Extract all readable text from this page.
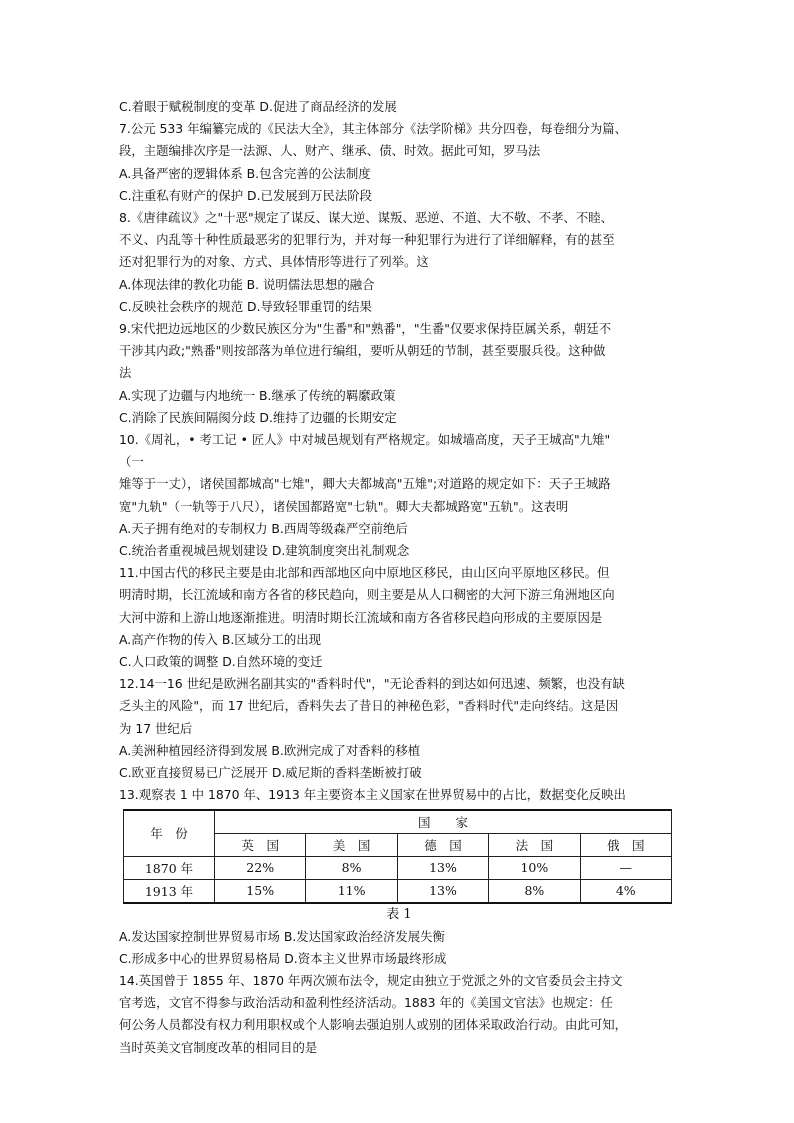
C.着眼于赋税制度的变革 D.促进了商品经济的发展
7.公元 533 年编纂完成的《民法大全》，其主体部分《法学阶梯》共分四卷，每卷细分为篇、
段，主题编排次序是一法源、人、财产、继承、债、时效。据此可知，罗马法
A.具备严密的逻辑体系 B.包含完善的公法制度
C.注重私有财产的保护 D.已发展到万民法阶段
8.《唐律疏议》之"十恶"规定了谋反、谋大逆、谋叛、恶逆、不道、大不敬、不孝、不睦、
不义、内乱等十种性质最恶劣的犯罪行为，并对每一种犯罪行为进行了详细解释，有的甚至
还对犯罪行为的对象、方式、具体情形等进行了列举。这
A.体现法律的教化功能 B. 说明儒法思想的融合
C.反映社会秩序的规范 D.导致轻罪重罚的结果
9.宋代把边远地区的少数民族区分为"生番"和"熟番"，"生番"仅要求保持臣属关系，朝廷不
干涉其内政;"熟番"则按部落为单位进行编组，要听从朝廷的节制，甚至要服兵役。这种做
法
A.实现了边疆与内地统一 B.继承了传统的羁縻政策
C.消除了民族间隔阂分歧 D.维持了边疆的长期安定
10.《周礼，• 考工记 • 匠人》中对城邑规划有严格规定。如城墙高度，天子王城高"九雉"
（一
雉等于一丈），诸侯国都城高"七雉"，卿大夫都城高"五雉";对道路的规定如下：天子王城路
宽"九轨"（一轨等于八尺），诸侯国都路宽"七轨"。卿大夫都城路宽"五轨"。这表明
A.天子拥有绝对的专制权力 B.西周等级森严空前绝后
C.统治者重视城邑规划建设 D.建筑制度突出礼制观念
11.中国古代的移民主要是由北部和西部地区向中原地区移民，由山区向平原地区移民。但
明清时期，长江流域和南方各省的移民趋向，则主要是从人口稠密的大河下游三角洲地区向
大河中游和上游山地逐渐推进。明清时期长江流域和南方各省移民趋向形成的主要原因是
A.高产作物的传入 B.区域分工的出现
C.人口政策的调整 D.自然环境的变迁
12.14一16 世纪是欧洲名副其实的"香料时代"，"无论香料的到达如何迅速、频繁，也没有缺
乏头主的风险"，而 17 世纪后，香料失去了昔日的神秘色彩，"香料时代"走向终结。这是因
为 17 世纪后
A.美洲种植园经济得到发展 B.欧洲完成了对香料的移植
C.欧亚直接贸易已广泛展开 D.威尼斯的香料垄断被打破
13.观察表 1 中 1870 年、1913 年主要资本主义国家在世界贸易中的占比，数据变化反映出
年　份	国　　家				
	英　国	美　国	德　国	法　国	俄　国
1870 年	22%	8%	13%	10%	—
1913 年	15%	11%	13%	8%	4%
表 1
A.发达国家控制世界贸易市场 B.发达国家政治经济发展失衡
C.形成多中心的世界贸易格局 D.资本主义世界市场最终形成
14.英国曾于 1855 年、1870 年两次颁布法令，规定由独立于党派之外的文官委员会主持文
官考选，文官不得参与政治活动和盈利性经济活动。1883 年的《美国文官法》也规定：任
何公务人员都没有权力利用职权或个人影响去强迫别人或别的团体采取政治行动。由此可知，
当时英美文官制度改革的相同目的是
